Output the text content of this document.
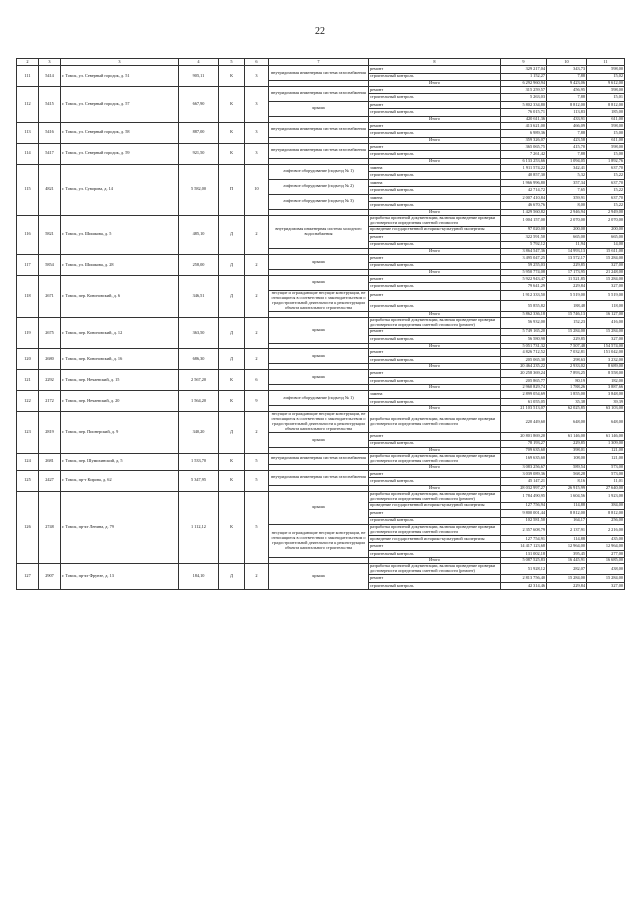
22
2	3	3	4	5	6	7	8	9	10	11
111	5414	г. Томск, ул. Северный городок, д. 51	905,11	К	3	внутридомовая инженерная система газоснабжения	ремонт	329 217,04	343,73	598,00
							строительный контроль	1 152,27	7,88	15,02
							Итого	6 292 960,94	9 423,06	9 612,00
112	5415	г. Томск, ул. Северный городок, д. 57	667,90	К	3	внутридомовая инженерная система газоснабжения	ремонт	315 259,57	456,95	598,00
							строительный контроль	5 263,03	7,88	15,01
						крыша	ремонт	5 802 334,80	8 812,00	8 812,00
							строительный контроль	76 015,71	113,83	185,00
							Итого	420 611,36	433,91	611,00
113	5416	г. Томск, ул. Северный городок, д. 58	887,00	К	3	внутридомовая инженерная система газоснабжения	ремонт	413 621,00	466,09	598,00
							строительный контроль	6 989,36	7,88	15,00
							Итого	359 326,07	423,58	611,00
114	5417	г. Томск, ул. Северный городок, д. 59	921,50	К	3	внутридомовая инженерная система газоснабжения	ремонт	365 065,75	415,70	598,00
							строительный контроль	7 261,42	7,88	15,00
							Итого	6 133 253,66	1 094,05	1 892,76
115	4821	г. Томск, ул. Суворова, д. 14	5 582,00	П	10	лифтовое оборудование (подъезд № 1)	замена	1 911 574,22	342,41	637,70
							строительный контроль	40 857,30	5,32	15,22
						лифтовое оборудование (подъезд № 2)	замена	1 966 996,80	357,34	637,70
							строительный контроль	42 714,72	7,65	15,22
						лифтовое оборудование (подъезд № 3)	замена	2 007 410,84	359,91	637,70
							строительный контроль	46 670,76	8,00	15,22
							Итого	1 429 560,82	2 946,94	2 949,00
116	5821	г. Томск, ул. Шишкова, д. 5	485,10	Д	2	внутридомовая инженерная система холодного водоснабжения	разработка проектной документации, включая проведение проверки достоверности определения сметной стоимости	1 004 157,00	2 070,00	2 070,00
							проведение государственной историко-культурной экспертизы	97 020,00	200,00	200,00
							ремонт	322 591,50	665,00	665,00
							строительный контроль	5 792,12	11,94	14,00
							Итого	3 864 547,36	14 993,13	15 611,00
117	5854	г. Томск, ул. Шишкова, д. 28	258,00	Д	2	крыша	ремонт	3 495 047,25	13 572,17	15 284,00
							строительный контроль	59 255,03	229,85	327,00
							Итого	5 950 774,08	17 173,95	21 248,00
118	2671	г. Томск, пер. Кононовский, д. 6	346,51	Д	2	крыша	ремонт	5 922 943,47	11 521,85	15 284,00
							строительный контроль	79 641,29	229,84	327,00
						несущие и ограждающие несущие конструкции, не относящиеся в соответствии с законодательством о градостроительной деятельности к реконструкции объекта капитального строительства	ремонт	1 912 333,50	5 519,00	5 519,00
							строительный контроль	55 855,82	188,48	118,00
							Итого	5 862 336,18	15 746,13	16 127,00
119	2675	г. Томск, пер. Кононовский, д. 12	363,50	Д	2	крыша	разработка проектной документации, включая проведение проверки достоверности определения сметной стоимости (ремонт)	56 932,00	152,23	416,00
							ремонт	5 749 165,20	15 284,00	15 284,00
							строительный контроль	56 580,98	229,85	327,00
							Итого	5 051 731,32	7 507,48	154 574,00
120	2680	г. Томск, пер. Кононовский, д. 16	686,30	Д	2	крыша	ремонт	4 826 712,52	7 032,81	151 042,00
							строительный контроль	205 065,30	298,63	3 232,00
							Итого	20 464 235,22	2 933,02	8 689,00
121	2292	г. Томск, пер. Нечаевский, д. 15	2 567,20	К	6	крыша	ремонт	20 258 369,24	7 893,25	8 558,00
							строительный контроль	205 865,77	80,19	182,00
							Итого	2 960 829,74	1 788,26	3 887,66
122	2172	г. Томск, пер. Нечаевский, д. 20	1 564,20	К	9	лифтовое оборудование (подъезд № 1)	замена	2 899 054,69	1 855,00	3 848,00
							строительный контроль	61 055,05	35,38	39,39
							Итого	21 103 513,07	62 025,85	63 103,00
123	2819	г. Томск, пер. Пионерский, д. 9	340,20	Д	2	несущие и ограждающие несущие конструкции, не относящиеся в соответствии с законодательством о градостроительной деятельности к реконструкции объекта капитального строительства	разработка проектной документации, включая проведение проверки достоверности определения сметной стоимости	220 449,60	648,00	648,00
						крыша	ремонт	20 801 869,20	61 146,00	61 146,00
							строительный контроль	78 193,27	229,85	1 309,00
							Итого	709 635,60	398,01	121,00
124	2681	г. Томск, пер. Шумихинский, д. 5	1 533,70	К	5	внутридомовая инженерная система газоснабжения	разработка проектной документации, включая проведение проверки достоверности определения сметной стоимости	169 635,60	108,00	121,00
							Итого	3 083 256,67	589,54	573,00
125	2427	г. Томск, пр-т Кирова, д. 62	5 347,95	К	5	внутридомовая инженерная система газоснабжения	ремонт	3 039 089,36	568,28	573,00
							строительный контроль	45 147,21	8,16	11,01
							Итого	28 032 997,27	26 915,99	27 640,00
126	2748	г. Томск, пр-кт Ленина, д. 79	1 112,12	К	5	крыша	разработка проектной документации, включая проведение проверки достоверности определения сметной стоимости (ремонт)	1 784 490,95	1 604,56	1 923,00
							проведение государственной историко-культурной экспертизы	127 756,94	114,88	384,00
							ремонт	9 800 001,44	8 812,00	8 812,00
							строительный контроль	102 581,50	164,17	256,00
						несущие и ограждающие несущие конструкции, не относящиеся в соответствии с законодательством о градостроительной деятельности к реконструкции объекта капитального строительства	разработка проектной документации, включая проведение проверки достоверности определения сметной стоимости	2 357 608,79	2 137,91	2 216,00
							проведение государственной историко-культурной экспертизы	127 754,91	114,88	435,00
							ремонт	14 417 123,68	12 964,00	12 964,00
							строительный контроль	131 002,18	395,45	277,00
							Итого	5 087 525,83	16 445,91	16 685,00
127	2907	г. Томск, пр-кт Фрунзе, д. 13	184,10	Д	2	крыша	разработка проектной документации, включая проведение проверки достоверности определения сметной стоимости (ремонт)	51 928,12	282,07	438,00
							ремонт	2 813 756,40	15 284,00	15 284,00
							строительный контроль	42 314,46	229,84	327,00
